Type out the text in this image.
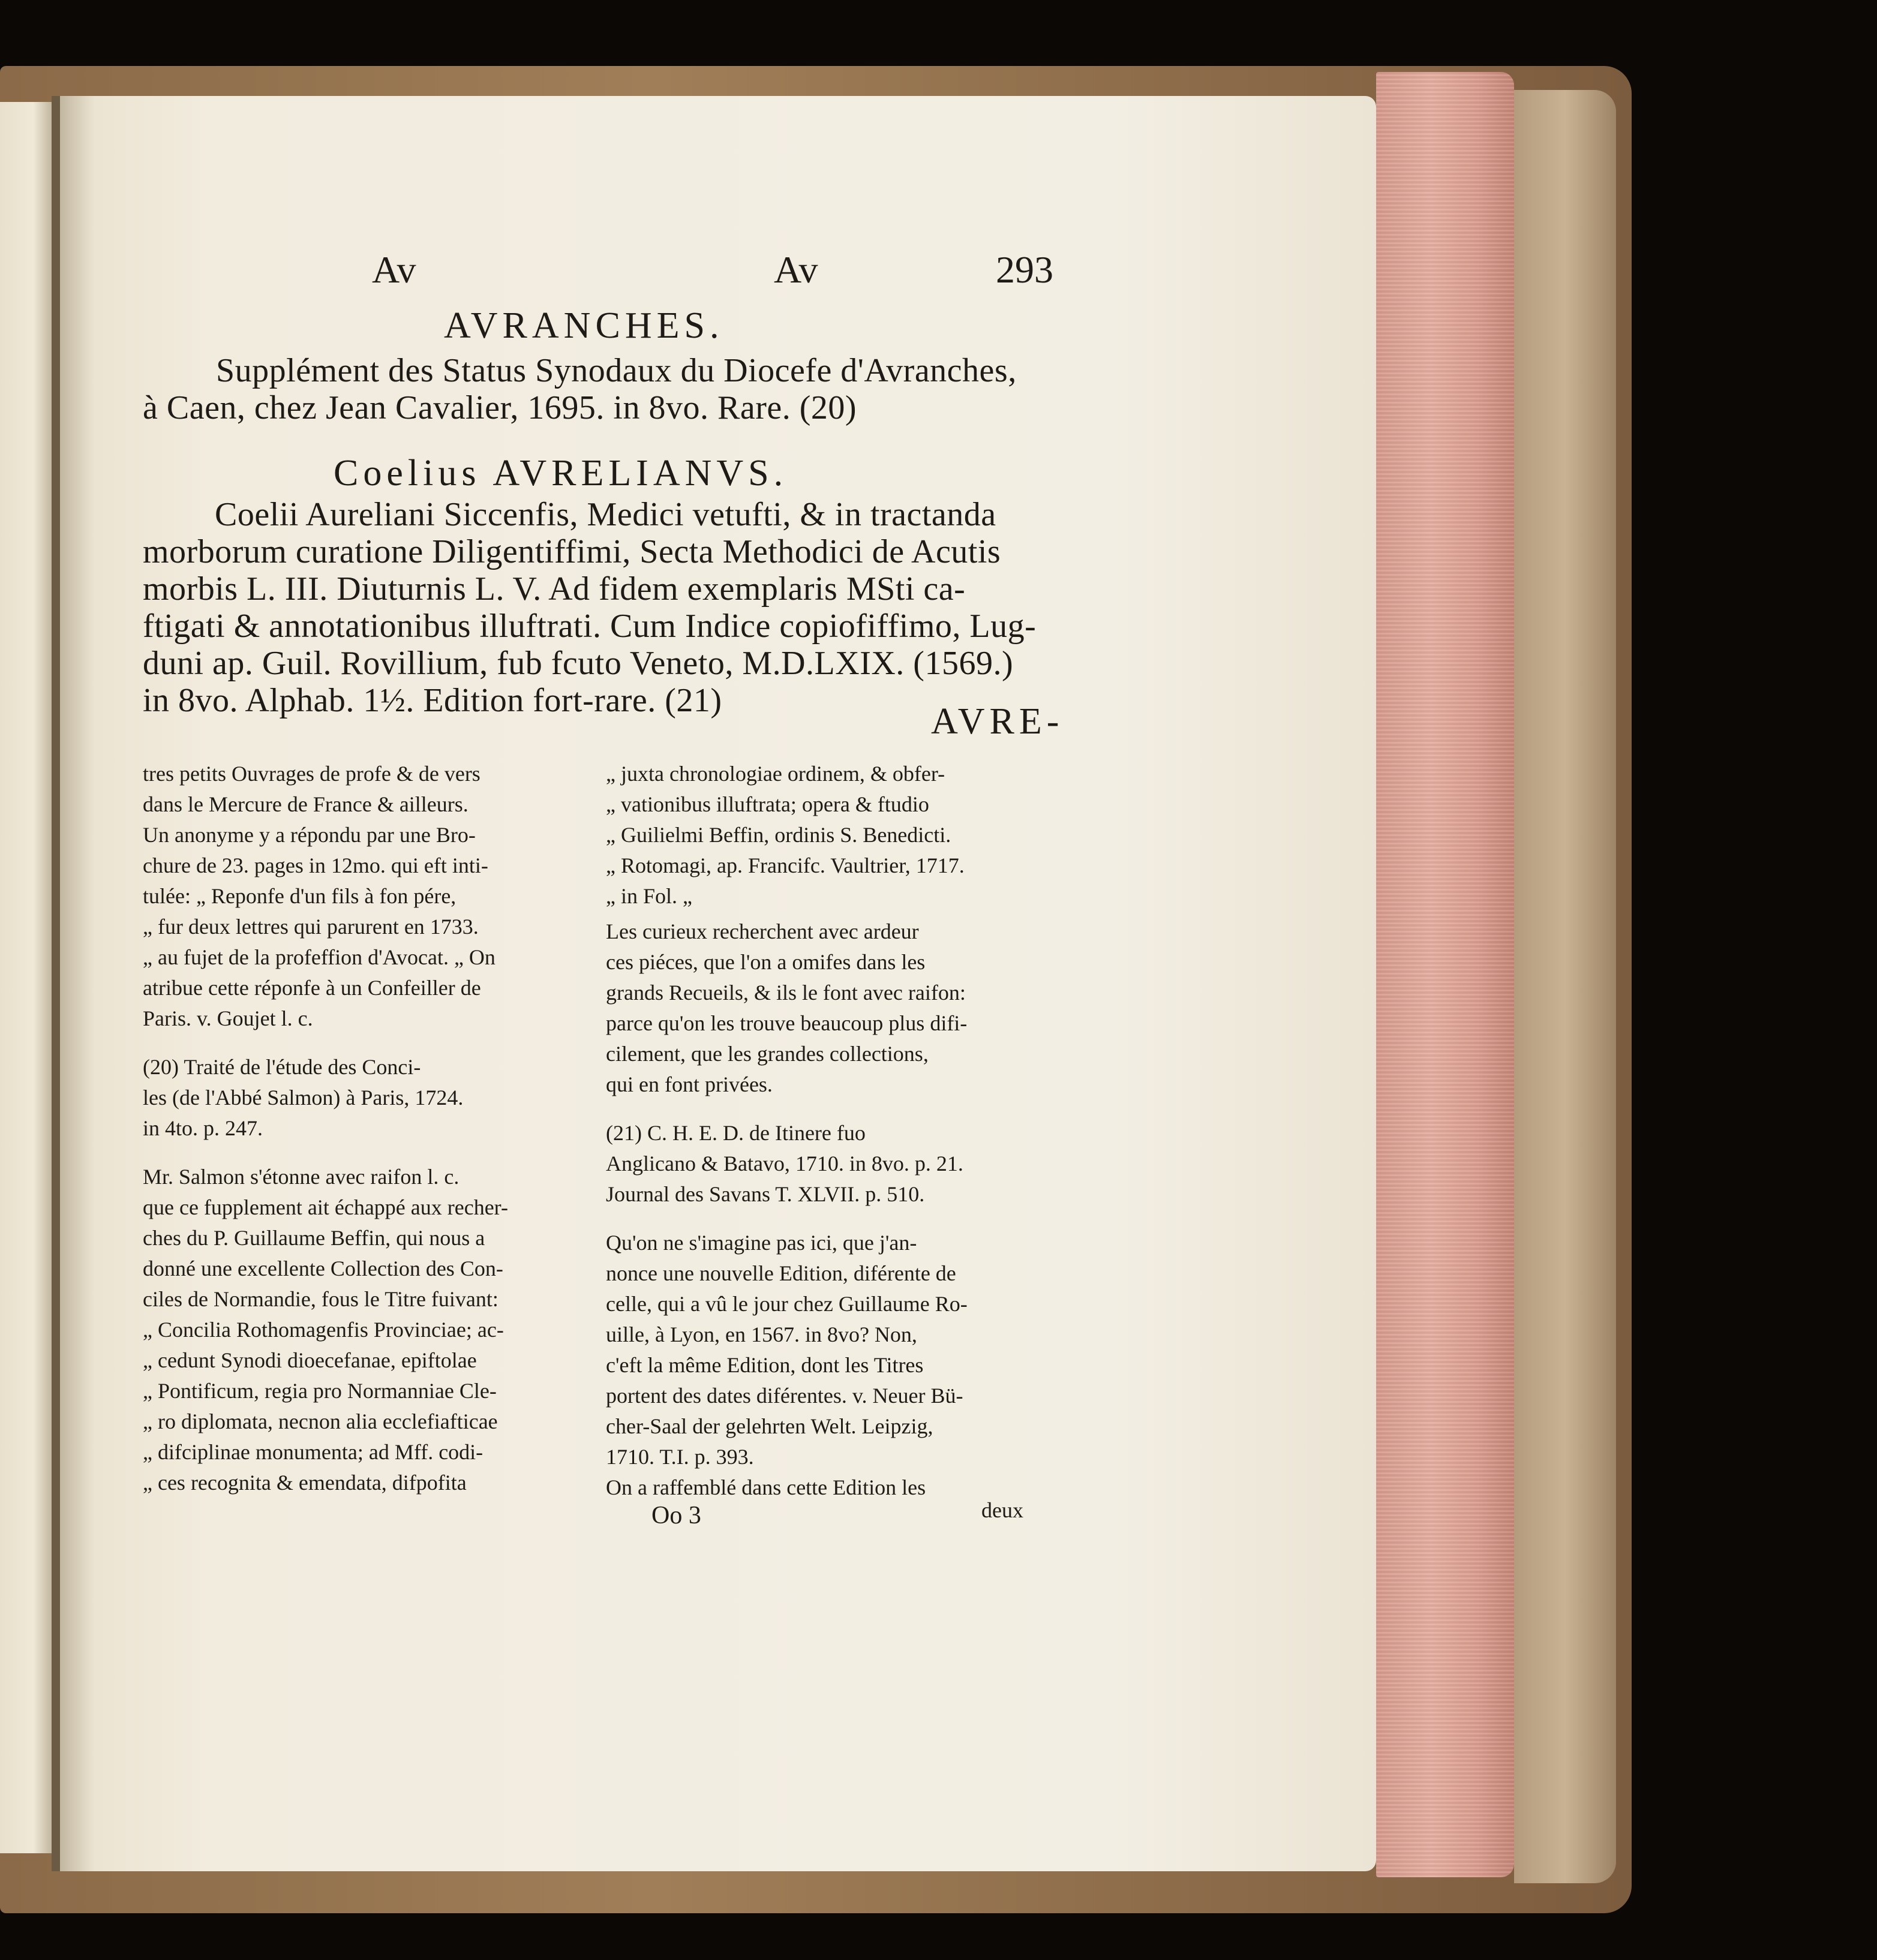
Av	Av	293
AVRANCHES.
Supplément des Status Synodaux du Diocefe d'Avranches,
à Caen, chez Jean Cavalier, 1695. in 8vo. Rare. (20)
Coelius AVRELIANVS.
Coelii Aureliani Siccenfis, Medici vetufti, & in tractanda
morborum curatione Diligentiffimi, Secta Methodici de Acutis
morbis L. III. Diuturnis L. V. Ad fidem exemplaris MSti ca-
ftigati & annotationibus illuftrati. Cum Indice copiofiffimo, Lug-
duni ap. Guil. Rovillium, fub fcuto Veneto, M.D.LXIX. (1569.)
in 8vo. Alphab. 1½. Edition fort-rare. (21)
AVRE-
tres petits Ouvrages de profe & de vers
dans le Mercure de France & ailleurs.
Un anonyme y a répondu par une Bro-
chure de 23. pages in 12mo. qui eft inti-
tulée: „ Reponfe d'un fils à fon pére,
„ fur deux lettres qui parurent en 1733.
„ au fujet de la profeffion d'Avocat. „ On
atribue cette réponfe à un Confeiller de
Paris. v. Goujet l. c.
(20) Traité de l'étude des Conci-
les (de l'Abbé Salmon) à Paris, 1724.
in 4to. p. 247.
Mr. Salmon s'étonne avec raifon l. c.
que ce fupplement ait échappé aux recher-
ches du P. Guillaume Beffin, qui nous a
donné une excellente Collection des Con-
ciles de Normandie, fous le Titre fuivant:
„ Concilia Rothomagenfis Provinciae; ac-
„ cedunt Synodi dioecefanae, epiftolae
„ Pontificum, regia pro Normanniae Cle-
„ ro diplomata, necnon alia ecclefiafticae
„ difciplinae monumenta; ad Mff. codi-
„ ces recognita & emendata, difpofita
„ juxta chronologiae ordinem, & obfer-
„ vationibus illuftrata; opera & ftudio
„ Guilielmi Beffin, ordinis S. Benedicti.
„ Rotomagi, ap. Francifc. Vaultrier, 1717.
„ in Fol. „
Les curieux recherchent avec ardeur
ces piéces, que l'on a omifes dans les
grands Recueils, & ils le font avec raifon:
parce qu'on les trouve beaucoup plus difi-
cilement, que les grandes collections,
qui en font privées.
(21) C. H. E. D. de Itinere fuo
Anglicano & Batavo, 1710. in 8vo. p. 21.
Journal des Savans T. XLVII. p. 510.
Qu'on ne s'imagine pas ici, que j'an-
nonce une nouvelle Edition, diférente de
celle, qui a vû le jour chez Guillaume Ro-
uille, à Lyon, en 1567. in 8vo? Non,
c'eft la même Edition, dont les Titres
portent des dates diférentes. v. Neuer Bü-
cher-Saal der gelehrten Welt. Leipzig,
1710. T.I. p. 393.
On a raffemblé dans cette Edition les
Oo 3	deux
